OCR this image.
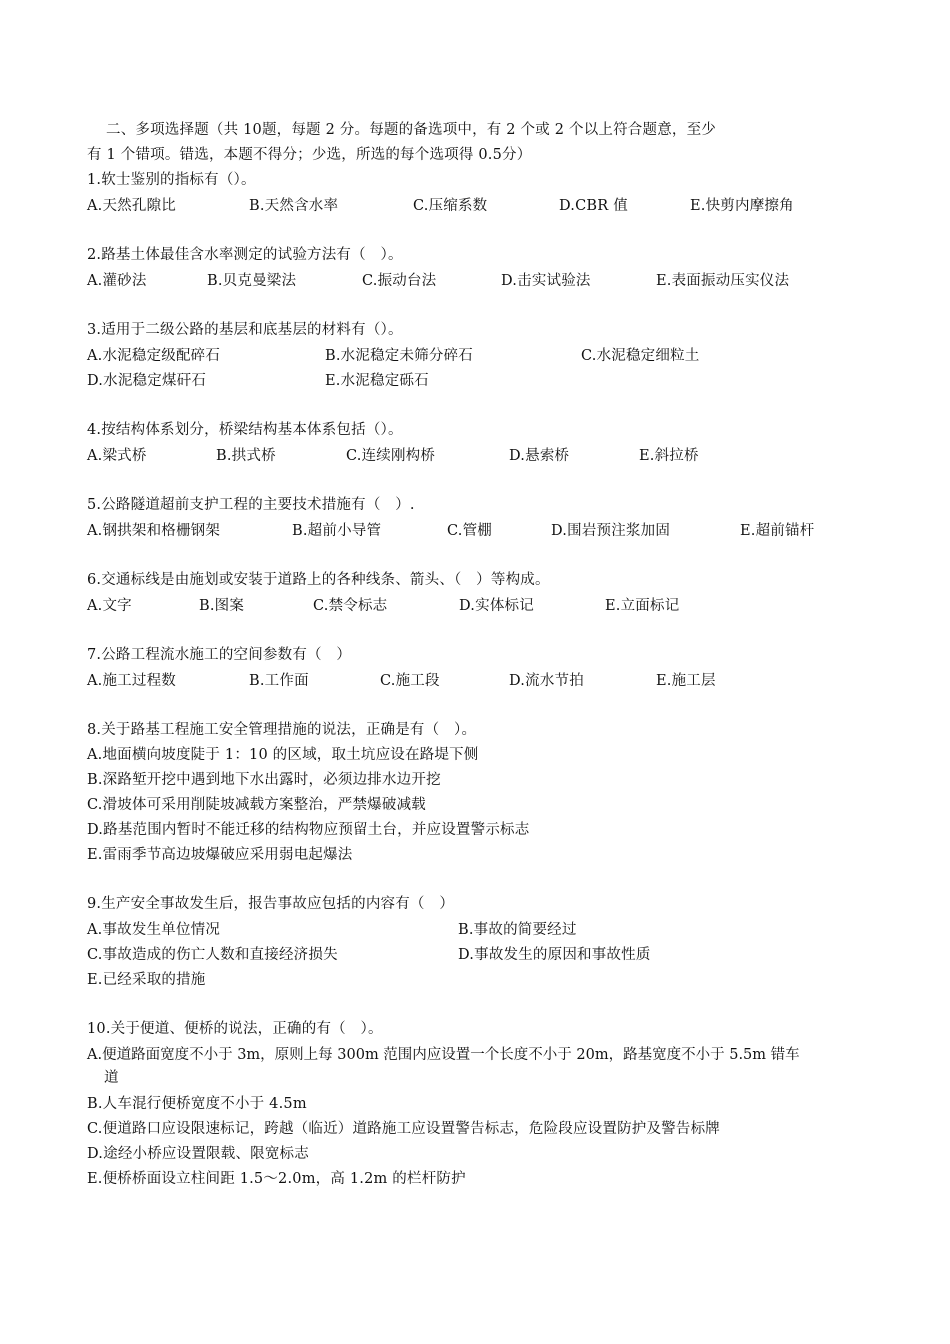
二、多项选择题（共 10题，每题 2 分。每题的备选项中，有 2 个或 2 个以上符合题意，至少
有 1 个错项。错选，本题不得分；少选，所选的每个选项得 0.5分）
1.软士鉴别的指标有（）。
A.天然孔隙比	B.天然含水率	C.压缩系数	D.CBR 值	E.快剪内摩擦角
2.路基土体最佳含水率测定的试验方法有（　）。
A.灌砂法	B.贝克曼梁法	C.振动台法	D.击实试验法	E.表面振动压实仪法
3.适用于二级公路的基层和底基层的材料有（）。
A.水泥稳定级配碎石	B.水泥稳定未筛分碎石	C.水泥稳定细粒土
D.水泥稳定煤矸石	E.水泥稳定砾石
4.按结构体系划分，桥梁结构基本体系包括（）。
A.梁式桥	B.拱式桥	C.连续刚构桥	D.悬索桥	E.斜拉桥
5.公路隧道超前支护工程的主要技术措施有（　）.
A.钢拱架和格栅钢架	B.超前小导管	C.管棚	D.围岩预注浆加固	E.超前锚杆
6.交通标线是由施划或安装于道路上的各种线条、箭头、（　）等构成。
A.文字	B.图案	C.禁令标志	D.实体标记	E.立面标记
7.公路工程流水施工的空间参数有（　）
A.施工过程数	B.工作面	C.施工段	D.流水节拍	E.施工层
8.关于路基工程施工安全管理措施的说法，正确是有（　）。
A.地面横向坡度陡于 1：10 的区域，取土坑应设在路堤下侧
B.深路堑开挖中遇到地下水出露时，必须边排水边开挖
C.滑坡体可采用削陡坡减载方案整治，严禁爆破减载
D.路基范围内暂时不能迁移的结构物应预留土台，并应设置警示标志
E.雷雨季节高边坡爆破应采用弱电起爆法
9.生产安全事故发生后，报告事故应包括的内容有（　）
A.事故发生单位情况	B.事故的简要经过
C.事故造成的伤亡人数和直接经济损失	D.事故发生的原因和事故性质
E.已经采取的措施
10.关于便道、便桥的说法，正确的有（　）。
A.便道路面宽度不小于 3m，原则上每 300m 范围内应设置一个长度不小于 20m，路基宽度不小于 5.5m 错车
道
B.人车混行便桥宽度不小于 4.5m
C.便道路口应设限速标记，跨越（临近）道路施工应设置警告标志，危险段应设置防护及警告标牌
D.途经小桥应设置限载、限宽标志
E.便桥桥面设立柱间距 1.5～2.0m，高 1.2m 的栏杆防护
